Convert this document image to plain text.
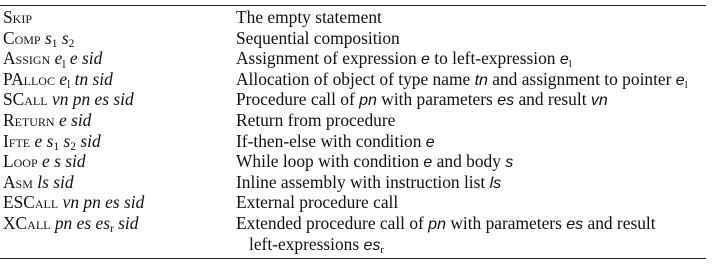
Skip	The empty statement
Comp $s_1$ $s_2$	Sequential composition
Assign $e_l$ e sid	Assignment of expression e to left-expression $e_l$
PAlloc $e_l$ tn sid	Allocation of object of type name tn and assignment to pointer $e_l$
SCall vn pn es sid	Procedure call of pn with parameters es and result vn
Return e sid	Return from procedure
Ifte e $s_1$ $s_2$ sid	If-then-else with condition e
Loop e s sid	While loop with condition e and body s
Asm ls sid	Inline assembly with instruction list ls
ESCall vn pn es sid	External procedure call
XCall pn es $es_r$ sid	Extended procedure call of pn with parameters es and result
left-expressions $es_r$
